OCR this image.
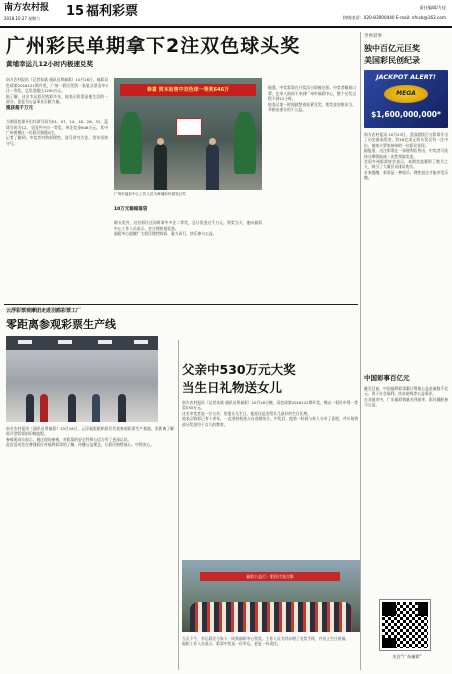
南方农村报
2018.10.27 星期六 15 福利彩票	责任编辑/方佳
热线电话：020-83000440 E-mail: nfncb@163.com
广州彩民单期拿下2注双色球头奖
黄埔幸运儿12小时内极速兑奖

南方农村报讯（记者朱斌 通讯员粤福彩）10月16日，福彩双色球第2018121期开奖，广州一彩民凭借一张复式票喜中2注一等奖，总奖金超过1200万元。
据了解，这名幸运彩民购彩多年，他表示彩票是他生活的一部分，更是为公益事业贡献力量。

揽获超千万元

当期双色球开出红球号码为01、07、14、18、28、31，蓝球号码为12。全国共中出一等奖，单注奖金646万元。其中广州黄埔区一位彩民独揽2注。
记者了解到，中奖者对购彩理性，选号讲究方法，常年坚持守号。

恭喜 贺本站售中双色球一等奖646万
广州市福彩中心工作人员为黄埔彩民颁发巨奖

据悉，中奖彩票在开奖次日即被兑领。中奖者戴着口罩，在家人陪同下来到广州市福彩中心，整个兑奖过程不到12小时。
他表示第一时间就想着赶紧兑奖，把奖金安排妥当，并捐出部分用于公益。

10万元稳稳落袋

除头奖外，这名彩民还同时命中多注二等奖，总计奖金过千万元。领奖当天，他向福彩中心工作人员表示，会合理规划奖金。
福彩中心提醒广大彩民理性购彩、量力而行，快乐参与公益。

世界彩事
独中百亿元巨奖
美国彩民创纪录
JACKPOT ALERT!
MEGA
$1,600,000,000*
南方农村报讯 10月23日，美国超级百万彩票开出了历史最高奖金，约16亿美元的头奖仅有一注中出，被南卡罗来纳州的一位彩民获得。
据报道，这注彩票在一家便利店售出，中奖者可选择分期领取或一次性领取奖金。
美国多州彩票协会表示，本期奖池累积了数月之久，吸引了大量民众排队购买。
专家提醒，彩票是一种娱乐，理性投注才能享受乐趣。
中国彩事百亿元
截至目前，中国福利彩票累计筹集公益金逾数千亿元，用于社会福利、扶贫助残等公益事业。
在各地市中，广东福彩销量名列前茅，彩民踊跃参与公益。
关注“广东福彩”
云浮彩票观摩团走进羽鸥彩票工厂
零距离参观彩票生产线
南方农村报讯（通讯员粤福彩）10月18日，云浮福彩组织彩民代表参观彩票生产基地，零距离了解即开型彩票的印制流程。
参观团成员表示，通过现场参观，对彩票的安全性和公信力有了更深认识。
此次活动旨在增强彩民对福利彩票的了解，传播公益理念，让彩民购得放心、中得安心。
父亲中530万元大奖
当生日礼物送女儿
南方农村报讯（记者朱斌 通讯员粤福彩）10月18日晚，双色球第2018122期开奖，佛山一彩民中得一等奖530万元。
这名中奖者是一位父亲，恰逢女儿生日，他说这是送给女儿最好的生日礼物。
他表示购彩已有十余年，一直坚持机选与自选相结合。中奖后，他第一时间与家人分享了喜悦，并计划将部分奖金用于女儿的教育。
福彩公益行 · 彩民代表合影
当天下午，幸运彩民与家人一同到福彩中心领奖。工作人员为其办理了兑奖手续，并送上生日祝福。
福彩工作人员表示，彩票中奖是一份幸运，更是一份责任。
